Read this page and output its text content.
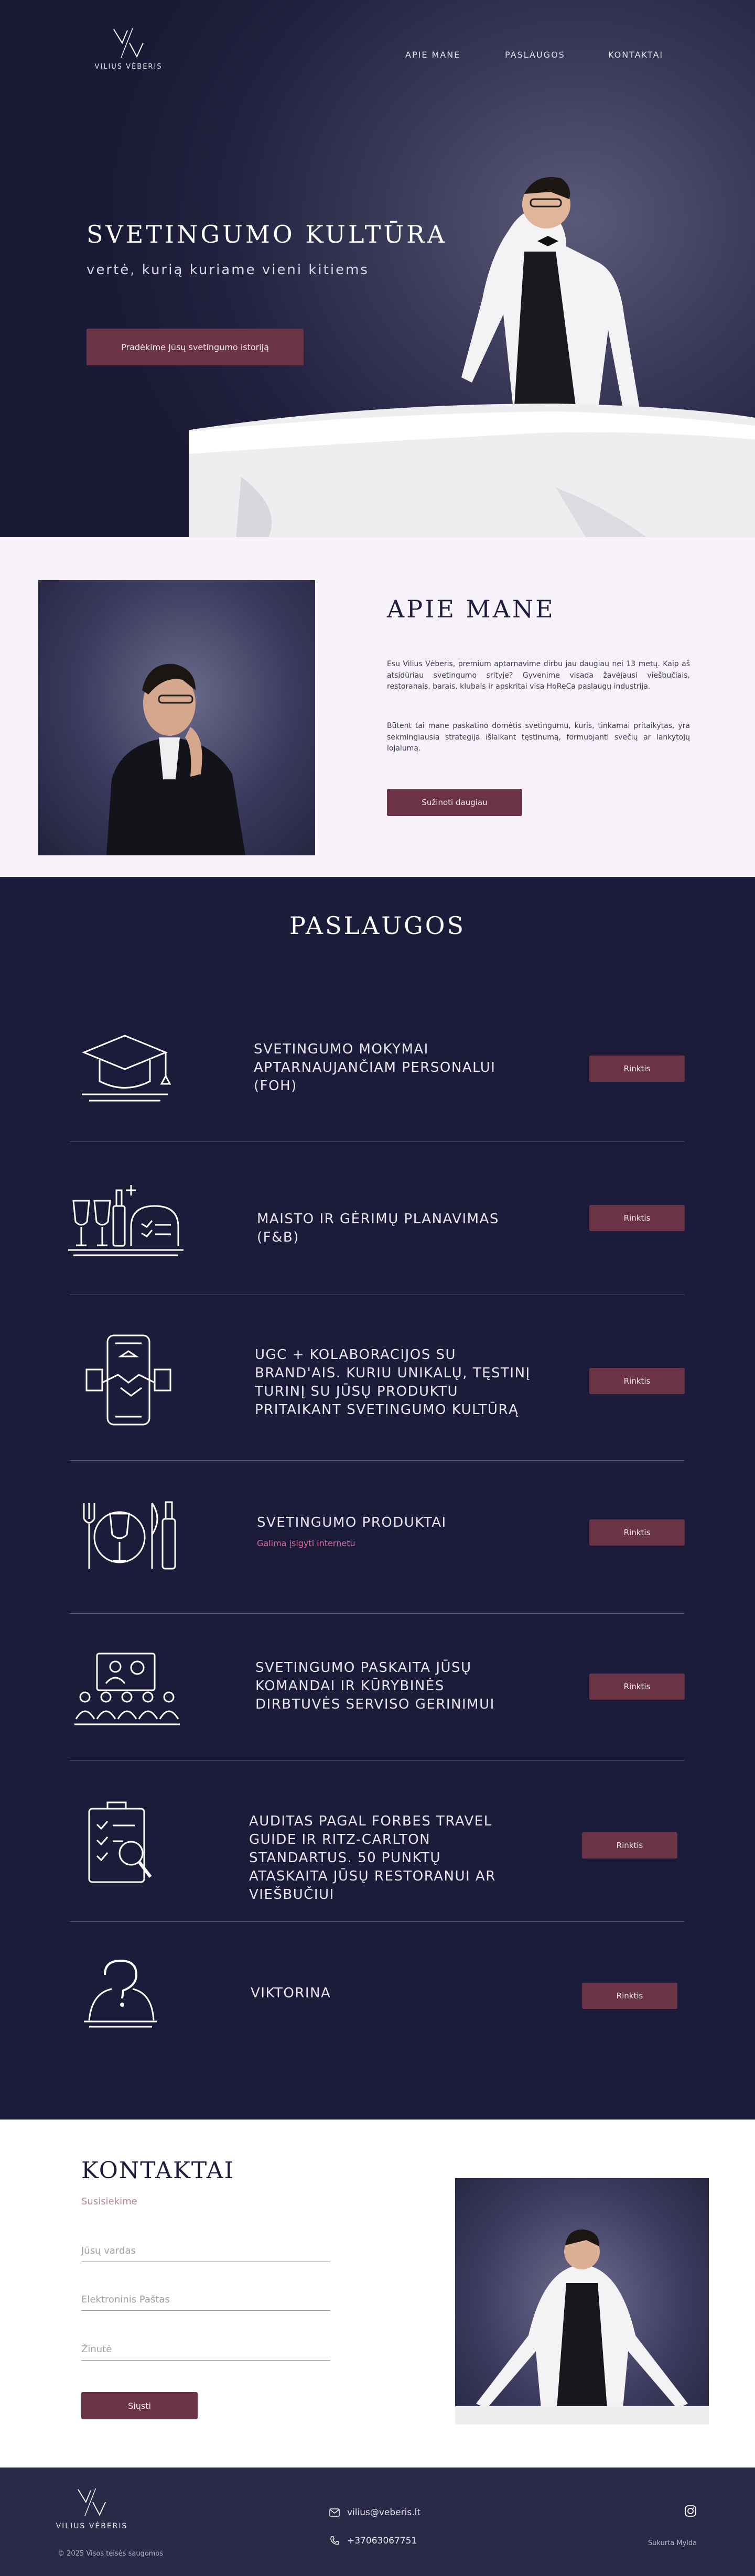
VILIUS VĖBERIS
APIE MANE	PASLAUGOS	KONTAKTAI
SVETINGUMO KULTŪRA
vertė, kurią kuriame vieni kitiems
Pradėkime Jūsų svetingumo istoriją
APIE MANE

Esu Vilius Vėberis, premium aptarnavime dirbu jau daugiau nei 13 metų. Kaip aš atsidūriau svetingumo srityje? Gyvenime visada žavėjausi viešbučiais, restoranais, barais, klubais ir apskritai visa HoReCa paslaugų industrija.

Būtent tai mane paskatino domėtis svetingumu, kuris, tinkamai pritaikytas, yra sėkmingiausia strategija išlaikant tęstinumą, formuojanti svečių ar lankytojų lojalumą.

Sužinoti daugiau
PASLAUGOS
SVETINGUMO MOKYMAI APTARNAUJANČIAM PERSONALUI (FOH)
Rinktis
MAISTO IR GĖRIMŲ PLANAVIMAS (F&B)
Rinktis
UGC + KOLABORACIJOS SU BRAND'AIS. KURIU UNIKALŲ, TĘSTINĮ TURINĮ SU JŪSŲ PRODUKTU PRITAIKANT SVETINGUMO KULTŪRĄ
Rinktis
SVETINGUMO PRODUKTAI
Galima įsigyti internetu
Rinktis
SVETINGUMO PASKAITA JŪSŲ KOMANDAI IR KŪRYBINĖS DIRBTUVĖS SERVISO GERINIMUI
Rinktis
AUDITAS PAGAL FORBES TRAVEL GUIDE IR RITZ-CARLTON STANDARTUS. 50 PUNKTŲ ATASKAITA JŪSŲ RESTORANUI AR VIEŠBUČIUI
Rinktis
VIKTORINA	Rinktis
KONTAKTAI
Susisiekime
Jūsų vardas
Elektroninis Paštas
Žinutė
Siųsti
VILIUS VĖBERIS
© 2025 Visos teisės saugomos
vilius@veberis.lt
+37063067751	Sukurta Mylda
